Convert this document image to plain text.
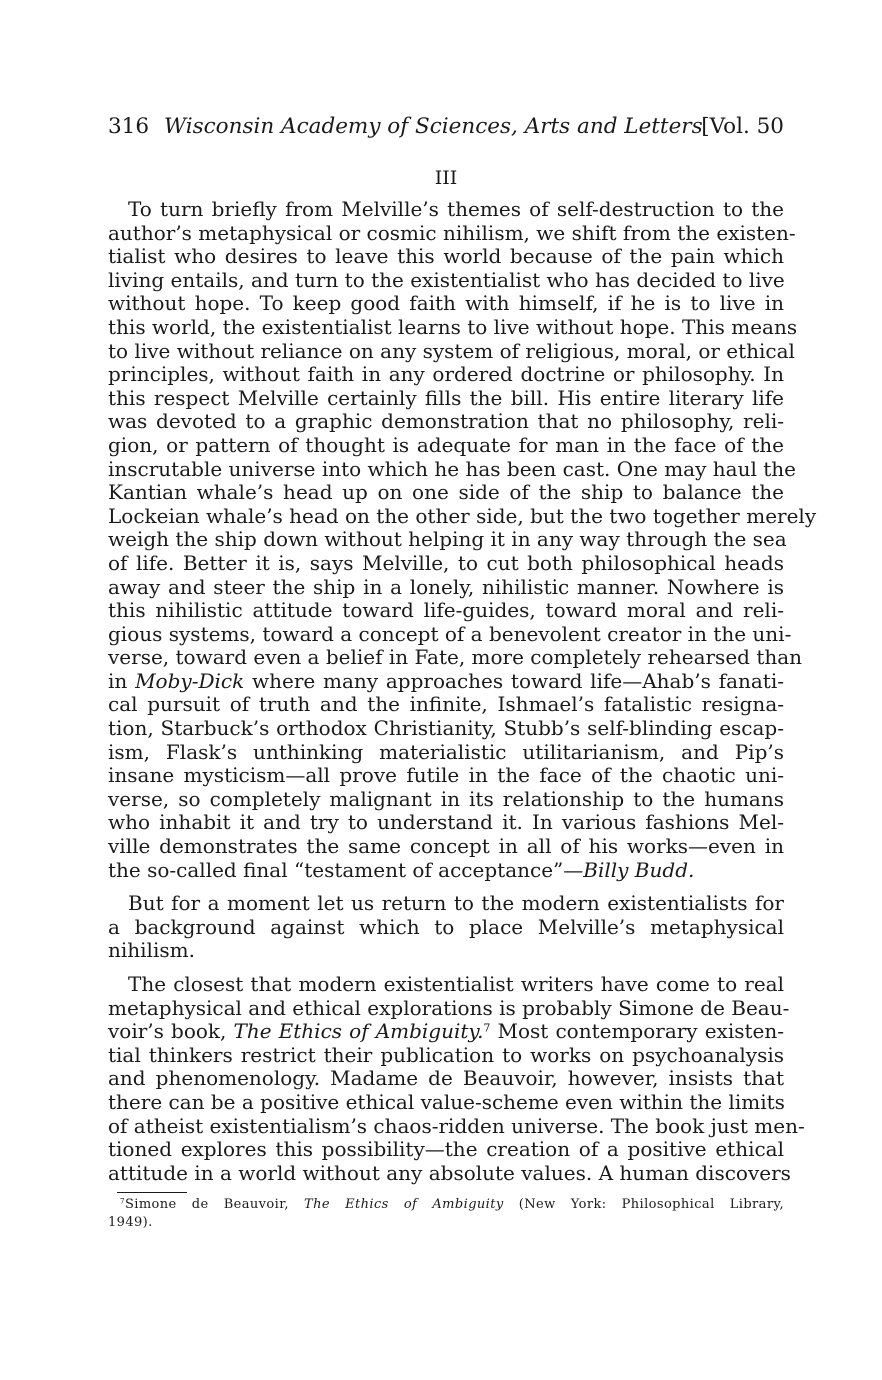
316 Wisconsin Academy of Sciences, Arts and Letters
[Vol. 50
III

To turn briefly from Melville’s themes of self-destruction to the
author’s metaphysical or cosmic nihilism, we shift from the existen-
tialist who desires to leave this world because of the pain which
living entails, and turn to the existentialist who has decided to live
without hope. To keep good faith with himself, if he is to live in
this world, the existentialist learns to live without hope. This means
to live without reliance on any system of religious, moral, or ethical
principles, without faith in any ordered doctrine or philosophy. In
this respect Melville certainly fills the bill. His entire literary life
was devoted to a graphic demonstration that no philosophy, reli-
gion, or pattern of thought is adequate for man in the face of the
inscrutable universe into which he has been cast. One may haul the
Kantian whale’s head up on one side of the ship to balance the
Lockeian whale’s head on the other side, but the two together merely
weigh the ship down without helping it in any way through the sea
of life. Better it is, says Melville, to cut both philosophical heads
away and steer the ship in a lonely, nihilistic manner. Nowhere is
this nihilistic attitude toward life-guides, toward moral and reli-
gious systems, toward a concept of a benevolent creator in the uni-
verse, toward even a belief in Fate, more completely rehearsed than
in Moby-Dick where many approaches toward life—Ahab’s fanati-
cal pursuit of truth and the infinite, Ishmael’s fatalistic resigna-
tion, Starbuck’s orthodox Christianity, Stubb’s self-blinding escap-
ism, Flask’s unthinking materialistic utilitarianism, and Pip’s
insane mysticism—all prove futile in the face of the chaotic uni-
verse, so completely malignant in its relationship to the humans
who inhabit it and try to understand it. In various fashions Mel-
ville demonstrates the same concept in all of his works—even in
the so-called final “testament of acceptance”—Billy Budd.

But for a moment let us return to the modern existentialists for
a background against which to place Melville’s metaphysical
nihilism.

The closest that modern existentialist writers have come to real
metaphysical and ethical explorations is probably Simone de Beau-
voir’s book, The Ethics of Ambiguity.$^7$ Most contemporary existen-
tial thinkers restrict their publication to works on psychoanalysis
and phenomenology. Madame de Beauvoir, however, insists that
there can be a positive ethical value-scheme even within the limits
of atheist existentialism’s chaos-ridden universe. The book just men-
tioned explores this possibility—the creation of a positive ethical
attitude in a world without any absolute values. A human discovers

$^7$Simone de Beauvoir, The Ethics of Ambiguity (New York: Philosophical Library,
1949).
